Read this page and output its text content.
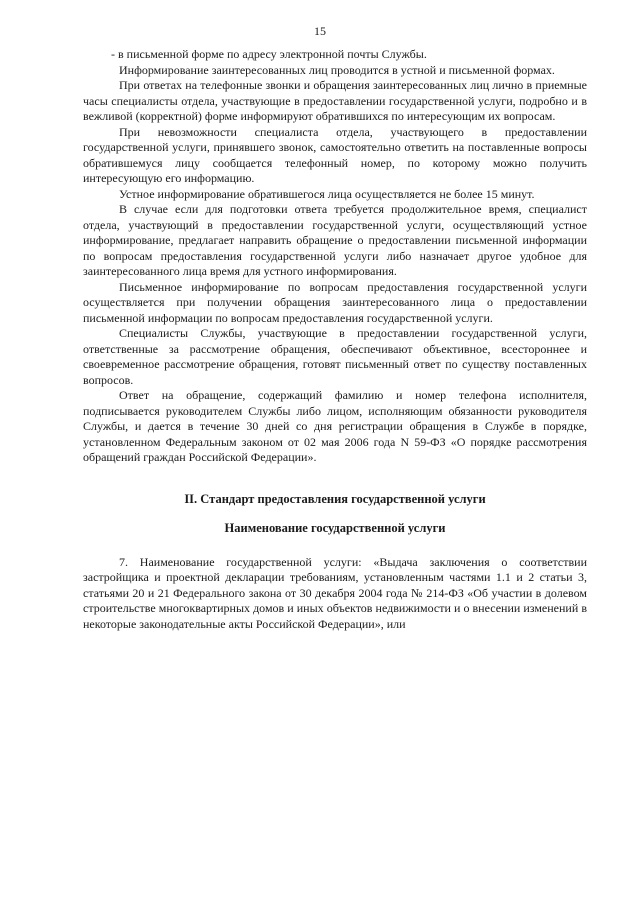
15

- в письменной форме по адресу электронной почты Службы.

Информирование заинтересованных лиц проводится в устной и письменной формах.

При ответах на телефонные звонки и обращения заинтересованных лиц лично в приемные часы специалисты отдела, участвующие в предоставлении государственной услуги, подробно и в вежливой (корректной) форме информируют обратившихся по интересующим их вопросам.

При невозможности специалиста отдела, участвующего в предоставлении государственной услуги, принявшего звонок, самостоятельно ответить на поставленные вопросы обратившемуся лицу сообщается телефонный номер, по которому можно получить интересующую его информацию.

Устное информирование обратившегося лица осуществляется не более 15 минут.

В случае если для подготовки ответа требуется продолжительное время, специалист отдела, участвующий в предоставлении государственной услуги, осуществляющий устное информирование, предлагает направить обращение о предоставлении письменной информации по вопросам предоставления государственной услуги либо назначает другое удобное для заинтересованного лица время для устного информирования.

Письменное информирование по вопросам предоставления государственной услуги осуществляется при получении обращения заинтересованного лица о предоставлении письменной информации по вопросам предоставления государственной услуги.

Специалисты Службы, участвующие в предоставлении государственной услуги, ответственные за рассмотрение обращения, обеспечивают объективное, всестороннее и своевременное рассмотрение обращения, готовят письменный ответ по существу поставленных вопросов.

Ответ на обращение, содержащий фамилию и номер телефона исполнителя, подписывается руководителем Службы либо лицом, исполняющим обязанности руководителя Службы, и дается в течение 30 дней со дня регистрации обращения в Службе в порядке, установленном Федеральным законом от 02 мая 2006 года N 59-ФЗ «О порядке рассмотрения обращений граждан Российской Федерации».

II. Стандарт предоставления государственной услуги
Наименование государственной услуги

7. Наименование государственной услуги: «Выдача заключения о соответствии застройщика и проектной декларации требованиям, установленным частями 1.1 и 2 статьи 3, статьями 20 и 21 Федерального закона от 30 декабря 2004 года № 214-ФЗ «Об участии в долевом строительстве многоквартирных домов и иных объектов недвижимости и о внесении изменений в некоторые законодательные акты Российской Федерации», или
